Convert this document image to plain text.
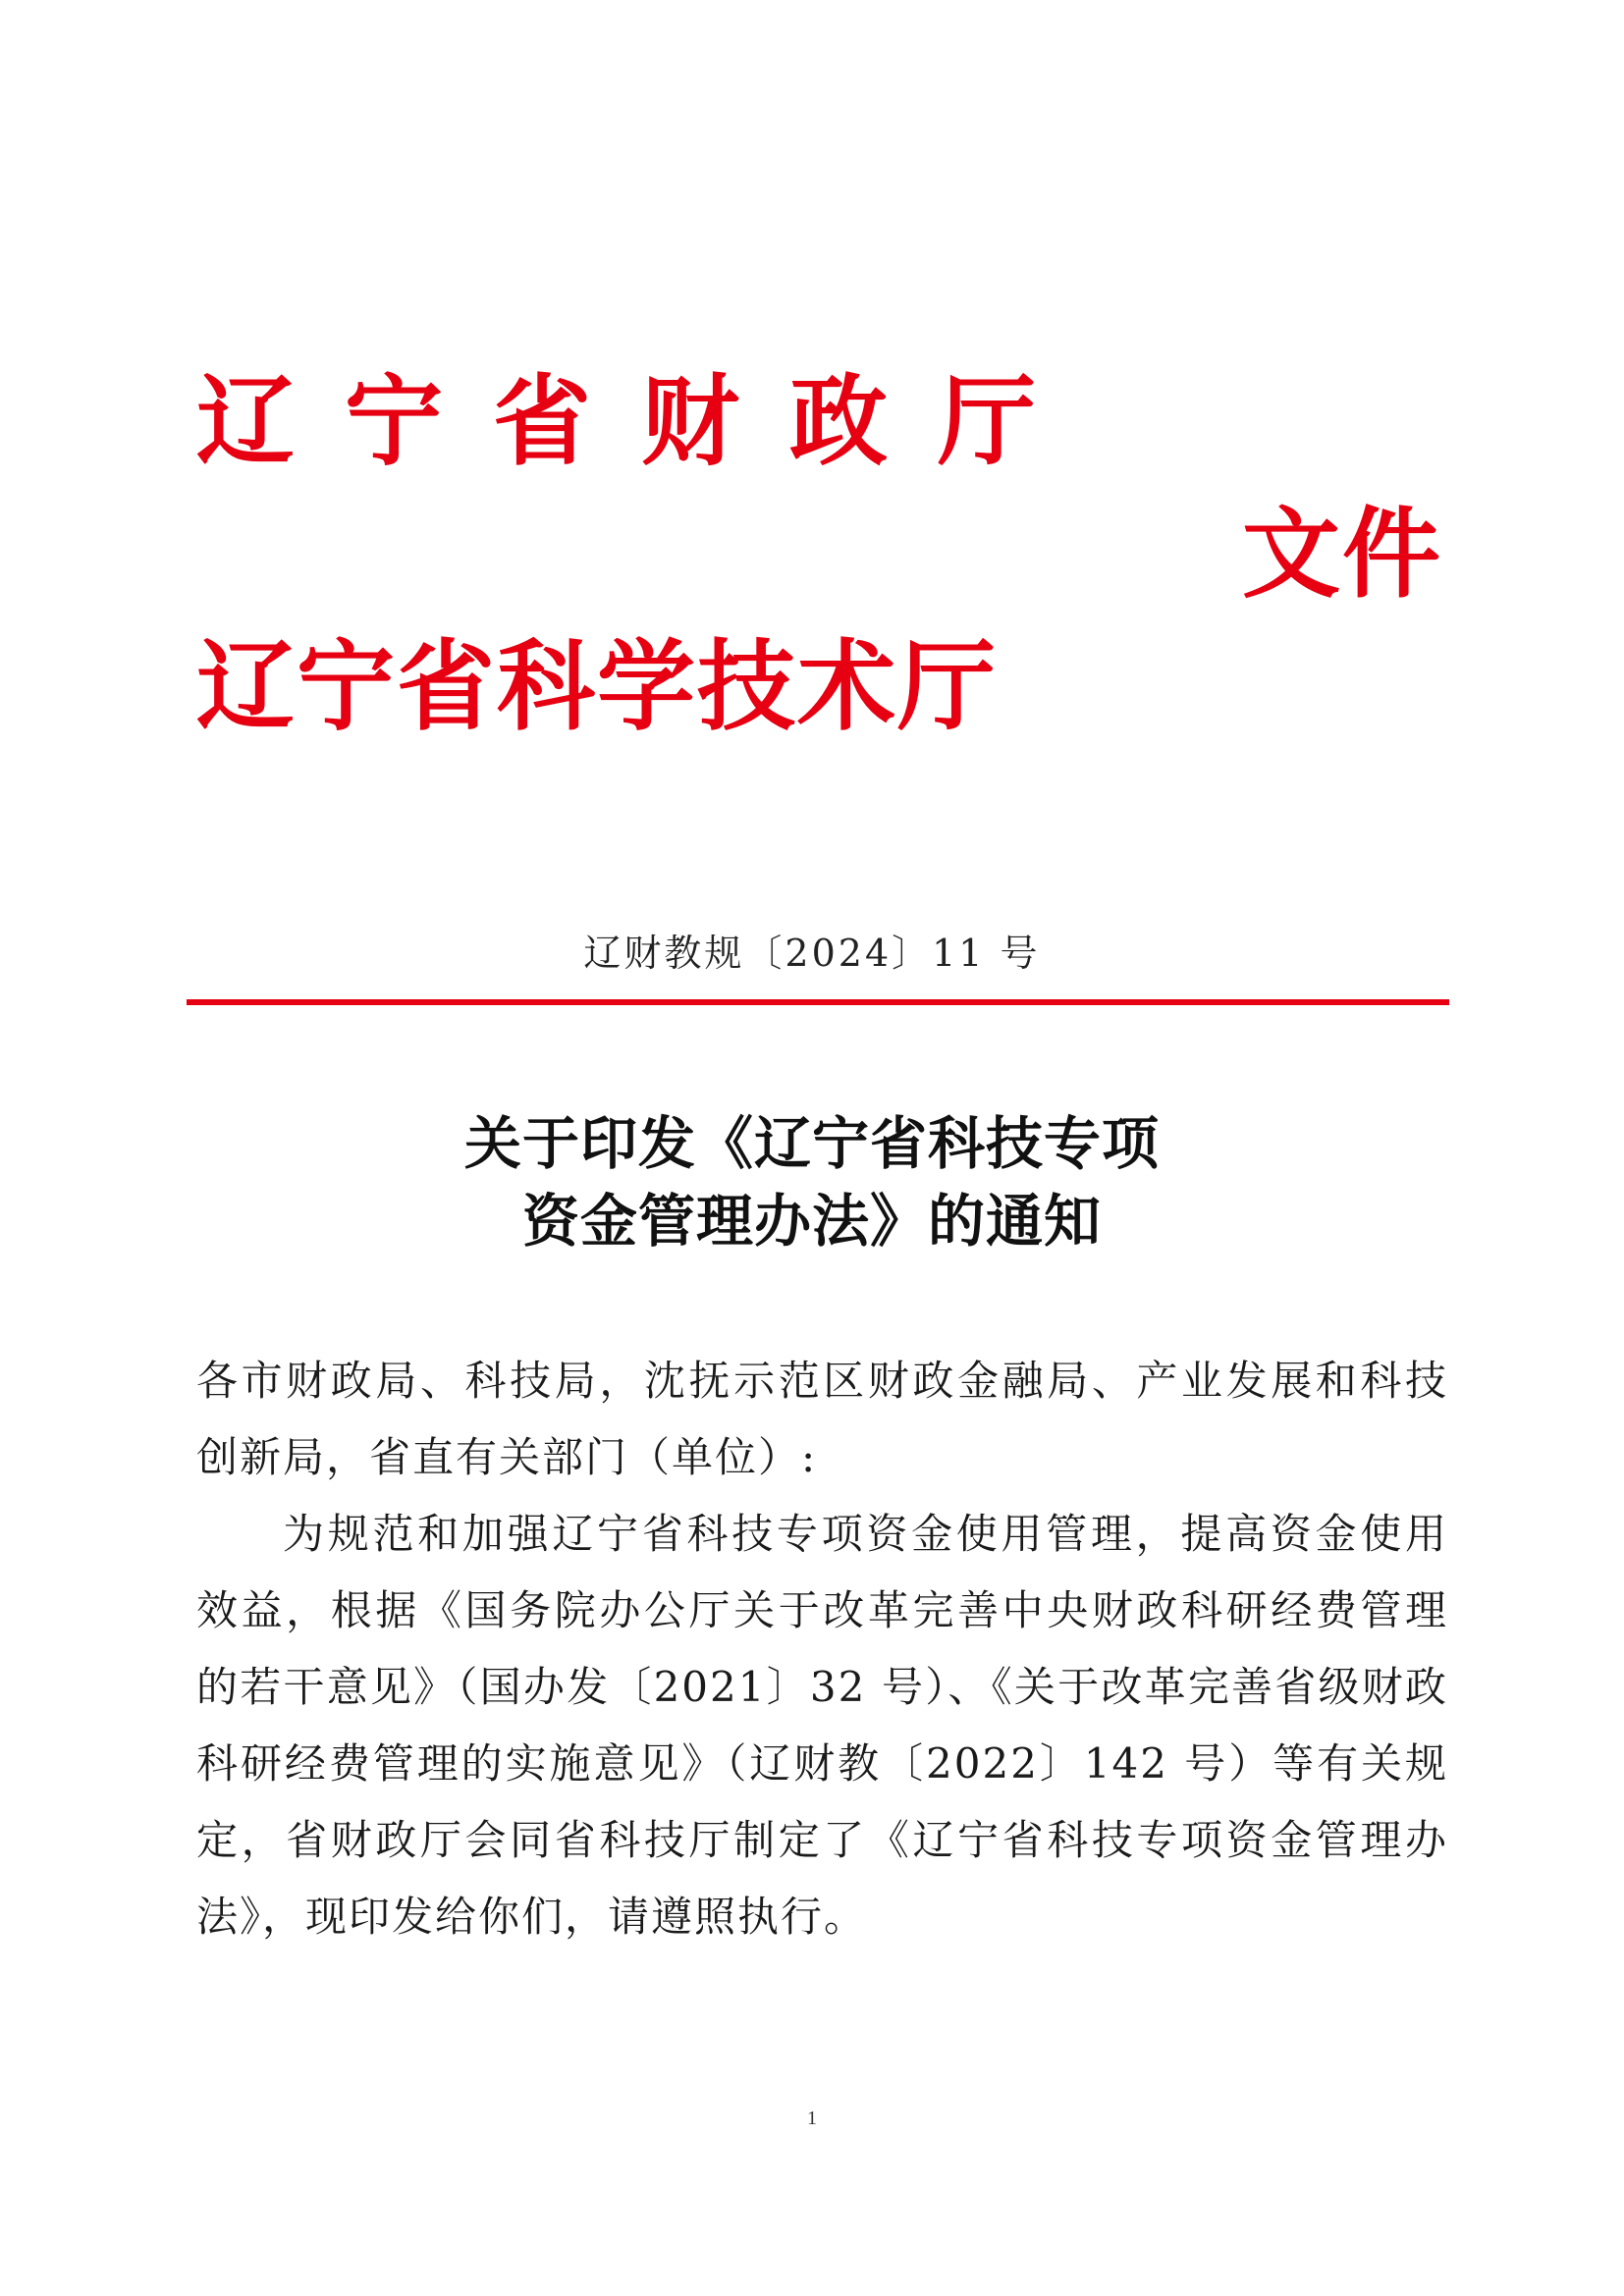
辽宁省财政厅
文件
辽宁省科学技术厅
辽财教规〔2024〕11 号
关于印发《辽宁省科技专项
资金管理办法》的通知
各市财政局、科技局，沈抚示范区财政金融局、产业发展和科技创新局，省直有关部门（单位）:
为规范和加强辽宁省科技专项资金使用管理，提高资金使用效益，根据《国务院办公厅关于改革完善中央财政科研经费管理的若干意见》（国办发〔2021〕32 号）、《关于改革完善省级财政科研经费管理的实施意见》（辽财教〔2022〕142 号）等有关规定，省财政厅会同省科技厅制定了《辽宁省科技专项资金管理办法》，现印发给你们，请遵照执行。
1
